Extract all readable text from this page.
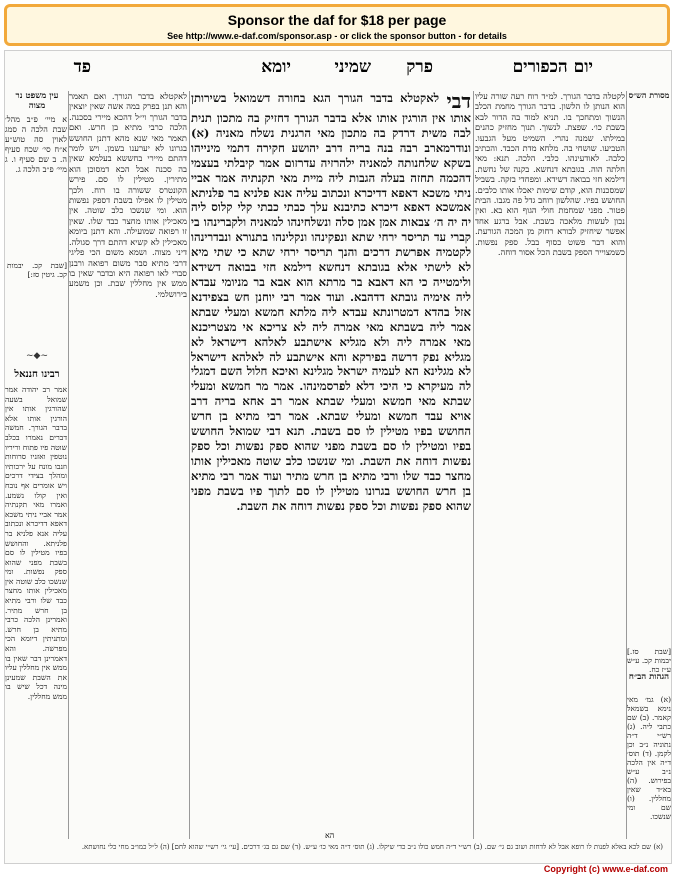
Sponsor the daf for $18 per page
See http://www.e-daf.com/sponsor.asp - or click the sponsor button - for details
יום הכפורים
פרק
שמיני
יומא
פד
מסורת הש״ס
[שבת סז.] יבמות קכ. ע״ש ע״ז כח.
עין משפט נר מצוה
א מיי׳ פ״ב מהל׳ שבת הלכה ה סמג לאוין סה טוש״ע א״ח סי׳ שכח סעיף ה. ב שם סעיף ו. ג מיי׳ פ״ב הלכה ג.
[שבת קכ. יבמות קכ. גיטין סז:]
~◆~
רבינו חננאל
אמר רב יהודה אמר שמואל בשעה שהורגין אותו אין הורגין אותו אלא בדבר הגורך. חמשה דברים נאמרו בכלב שוטה פיו פתוח וריריו נוטפין ואזניו סרוחות וזנבו מונח על ירכותיו ומהלך בצידי דרכים ויש אומרים אף נובח ואין קולו נשמע. ואמרו מאי תקנתיה אמר אביי ניתי משכא דאפא דדיכרא ונכתוב עליה אנא פלניא בר פלניתא. והחושש בפיו מטילין לו סם בשבת מפני שהוא ספק נפשות. ומי שנשכו כלב שוטה אין מאכילין אותו מחצר כבד שלו ורבי מתיא בן חרש מתיר. ואמרינן הלכה כרבי מתיא בן חרש. ומתניתין דיומא הכי מפרשה. והא דאמרינן דבר שאין בו ממש אין מחללין עליו את השבת שמעינן מינה דכל שיש בו ממש מחללין.

לאקטלא בדבר הגורך. ואם תאמר והא תנן בפרק במה אשה שאין יוצאין בדבר הגורך וי״ל דהכא מיירי בסכנה. הלכה כרבי מתיא בן חרש. ואם תאמר מאי שנא מהא דתנן החושש בגרונו לא יערענו בשמן. ויש לומר דהתם מיירי בחששא בעלמא שאין בה סכנה אבל הכא דמסוכן הוא מתירין. מטילין לו סם. פירש הקונטרס ששורה בו רוח. ולכך מטילין לו אפילו בשבת דספק נפשות הוא. ומי שנשכו כלב שוטה. אין מאכילין אותו מחצר כבד שלו. שאין זו רפואה שמועילה. והא דתנן ביומא מאכילין לא קשיא דהתם דרך סגולה. דיני מצוה. ושמא משום הכי פליגי דרבי מתיא סבר משום רפואה ורבנן סברי לאו רפואה היא ובדבר שאין בו ממש אין מחללין שבת. וכן משמע בירושלמי.

דבי לאקטלא בדבר הגורך הגא בחורה דשמואל בשירותן אותו אין הורגין אותו אלא בדבר הגורך דחזיק בה מתכון תנית לבה משית דרדק בה מתכון מאי הרגנית נשלח מאניה (א) ונודרמארב רבה בנה בריה דרב יהושע חקירה דתמי מינייהו בשקא שלחנותה למאניה ילהרזיה עדרזום אמר קיבלתי בעצמי דהכמה תחזה בעלה הגבות ליה מיית מאי תקנתיה אמר אביי ניתי משכא דאפא דדיכרא ונכתוב עליה אנא פלניא בר פלניתא אמשכא דאפא דיכרא כתיבנא עלך כבתי כבתי קלי קלוס ליה יה יה ה׳ צבאות אמן אמן סלה ונשלחינהו למאניה ולקברינהו בי קברי עד תריסר ירחי שתא ונפקינהו ונקלינהו בתנורא ונבדרינהו לקטמיה אפרשת דרכים והנך תריסר ירחי שתא כי שתי מיא לא לישתי אלא בגובתא דנחשא דילמא חזי בבואה דשידא ולימטייה כי הא דאבא בר מרתא הוא אבא בר מניומי עבדא ליה אימיה גובתא דדהבא. ועוד אמר רבי יוחנן חש בצפידנא אזל בהדא דמטרונתא עבדא ליה מלתא חמשא ומעלי שבתא אמר ליה בשבתא מאי אמרה ליה לא צריכא אי מצטריכנא מאי אמרה ליה ולא מגליא אישתבע לאלהא דישראל לא מגליא נפק דרשה בפירקא והא אישתבע לה לאלהא דישראל לא מגלינא הא לעמיה ישראל מגלינא ואיכא חלול השם דמגלי לה מעיקרא כי היכי דלא לפרסמינהו. אמר מר חמשא ומעלי שבתא מאי חמשא ומעלי שבתא אמר רב אחא בריה דרב אויא עבד חמשא ומעלי שבתא. אמר רבי מתיא בן חרש החושש בפיו מטילין לו סם בשבת. תנא דבי שמואל החושש בפיו ומטילין לו סם בשבת מפני שהוא ספק נפשות וכל ספק נפשות דוחה את השבת. ומי שנשכו כלב שוטה מאכילין אותו מחצר כבד שלו ורבי מתיא בן חרש מתיר ועוד אמר רבי מתיא בן חרש החושש בגרונו מטילין לו סם לתוך פיו בשבת מפני שהוא ספק נפשות וכל ספק נפשות דוחה את השבת.

לקטלה בדבר הגורך. למ״ד רוח רעה שורה עליו הוא הנותן לו הלשון. בדבר הגורך מחמת הכלב הנשוך ומתחכך בו. תניא למוד בה הדור לבא בשבת כו׳. שפצת. לנשוך. תנוך מחזיק כהנים במילתו. שמנה נהרי. השמיט מעל הגבעו. הטביעו. שושחי בה. מלחא מדת הכבד. והכתיב כלבה. לאודעינהו. כלבי. הלכה. תנא: מאי חלתה הוה. בגובתא דנחשא. בקנה של נחשת. דילמא חזי בבואה דשידא. ומפחדי בזקה. בשביל שמסכנות הוא, קודם שימות יאכלו אותו כלבים. החושש בפיו. שהלשון רוחב גדל פה מגבו. הבית פטור. מפני שמחמת חולי הגוף הוא בא. ואין נכון לעשות מלאכה בשבת. אבל ברגע אחד אפשר שיחזיק לבורא רחוק מן המכה הגורעת. והוא דבר פשוט כסוף בבל. ספק נפשות. כשמצוייר הספק בשבת הכל אסור דוחה.

הגהות הב״ח
(א) גמ׳ מאי נימא בשמאל קאמר. (ב) שם כתבי ליה. (ג) רש״י ד״ה נתוניה נ״ב וכן לקמן. (ד) תוס׳ ד״ה אין הלכה נ״ב ע״ש בפירוש. (ה) בא״ד שאין מחללין. (ו) שם ומי שנשכו.
הא
(א) שם לכא באלא לפנות לו רופא אבל לא לדחות ושוב גם גי׳ שם. (ב) רש״י ד״ה חמש כולו נ״ב כדי שיקלו. (ג) תוס׳ ד״ה מאי כו׳ ע״ש. (ד) שם גם בג׳ דרכים. [עי׳ גי׳ רש״י שהוא לחם] (ה) ל״ל כמו״ב מחי כלי נחושתא.
Copyright (c) www.e-daf.com
